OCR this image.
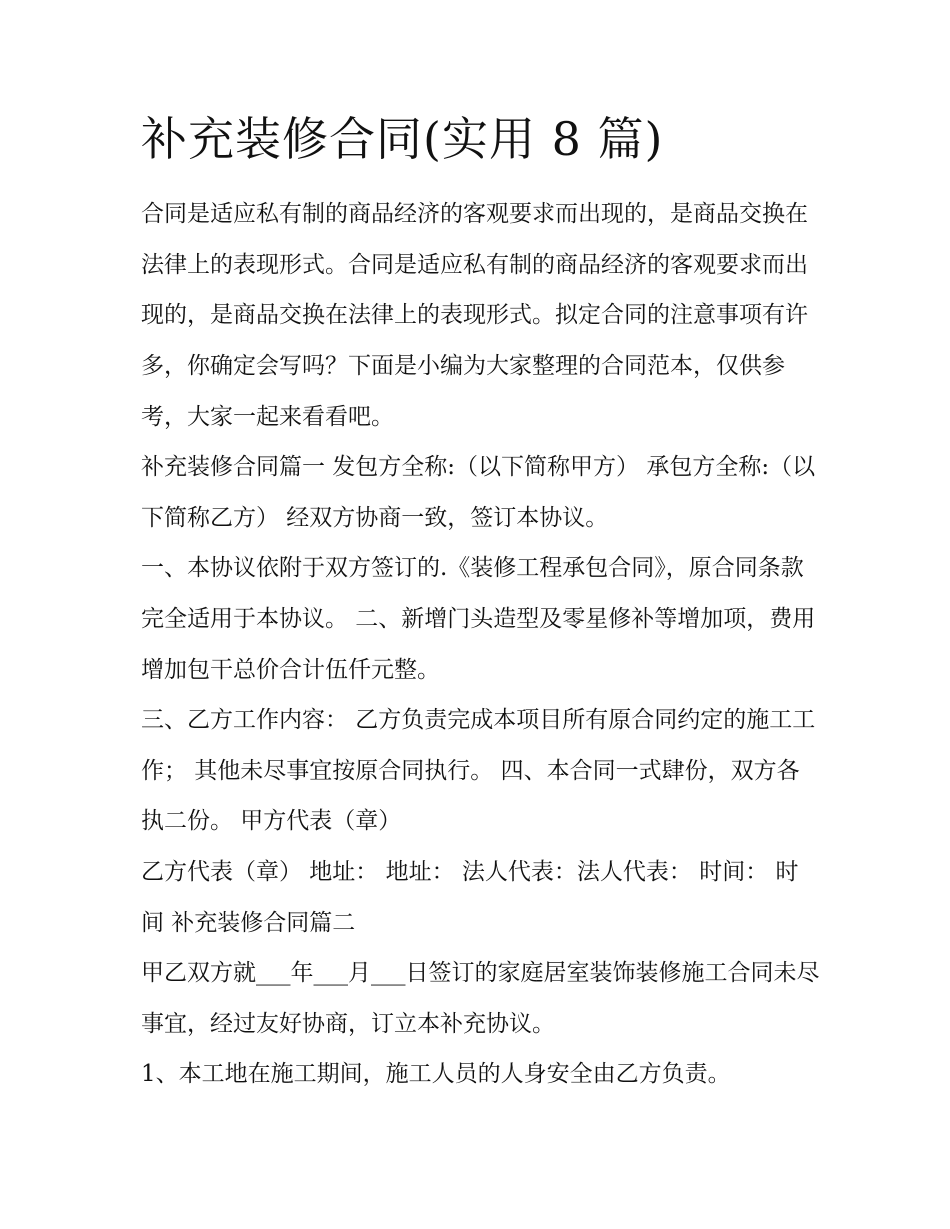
补充装修合同(实用 8 篇)

合同是适应私有制的商品经济的客观要求而出现的，是商品交换在法律上的表现形式。合同是适应私有制的商品经济的客观要求而出现的，是商品交换在法律上的表现形式。拟定合同的注意事项有许多，你确定会写吗？下面是小编为大家整理的合同范本，仅供参考，大家一起来看看吧。

补充装修合同篇一 发包方全称:（以下简称甲方） 承包方全称:（以下简称乙方） 经双方协商一致，签订本协议。

一、本协议依附于双方签订的.《装修工程承包合同》，原合同条款完全适用于本协议。 二、新增门头造型及零星修补等增加项，费用增加包干总价合计伍仟元整。

三、乙方工作内容： 乙方负责完成本项目所有原合同约定的施工工作； 其他未尽事宜按原合同执行。 四、本合同一式肆份，双方各执二份。 甲方代表（章）

乙方代表（章） 地址： 地址： 法人代表：法人代表： 时间： 时间 补充装修合同篇二

甲乙双方就___年___月___日签订的家庭居室装饰装修施工合同未尽事宜，经过友好协商，订立本补充协议。

1、本工地在施工期间，施工人员的人身安全由乙方负责。
